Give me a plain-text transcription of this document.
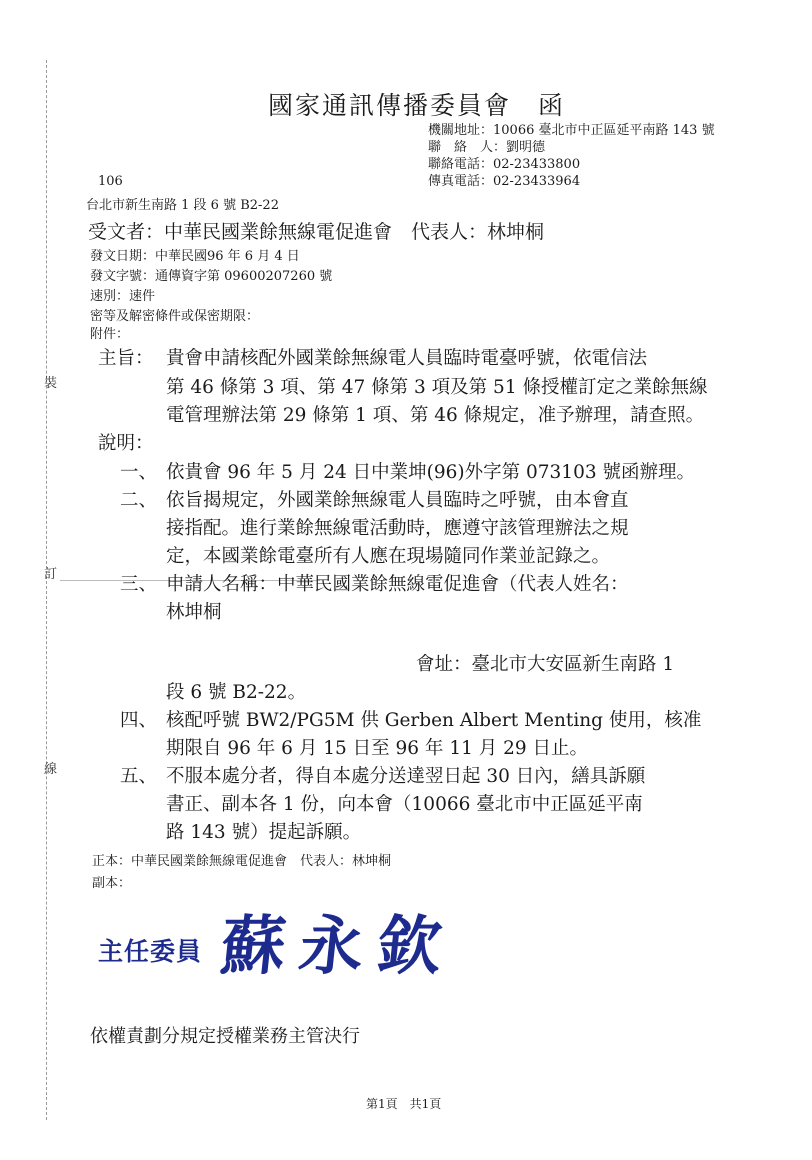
裝
訂
線
國家通訊傳播委員會　函
機關地址：10066 臺北市中正區延平南路 143 號
聯　絡　人：劉明德
聯絡電話：02-23433800
傳真電話：02-23433964
106
台北市新生南路 1 段 6 號 B2-22
受文者：中華民國業餘無線電促進會　代表人：林坤桐
發文日期：中華民國96 年 6 月 4 日
發文字號：通傳資字第 09600207260 號
速別：速件
密等及解密條件或保密期限：
附件：
主旨： 貴會申請核配外國業餘無線電人員臨時電臺呼號，依電信法
第 46 條第 3 項、第 47 條第 3 項及第 51 條授權訂定之業餘無線
電管理辦法第 29 條第 1 項、第 46 條規定，准予辦理，請查照。
說明：
一、 依貴會 96 年 5 月 24 日中業坤(96)外字第 073103 號函辦理。
二、 依旨揭規定，外國業餘無線電人員臨時之呼號，由本會直
接指配。進行業餘無線電活動時，應遵守該管理辦法之規
定，本國業餘電臺所有人應在現場隨同作業並記錄之。
三、 申請人名稱：中華民國業餘無線電促進會（代表人姓名：
林坤桐
會址：臺北市大安區新生南路 1
段 6 號 B2-22。
四、 核配呼號 BW2/PG5M 供 Gerben Albert Menting 使用，核准
期限自 96 年 6 月 15 日至 96 年 11 月 29 日止。
五、 不服本處分者，得自本處分送達翌日起 30 日內，繕具訴願
書正、副本各 1 份，向本會（10066 臺北市中正區延平南
路 143 號）提起訴願。
正本：中華民國業餘無線電促進會　代表人：林坤桐
副本：
主任委員 蘇永欽
依權責劃分規定授權業務主管決行
第1頁　共1頁
